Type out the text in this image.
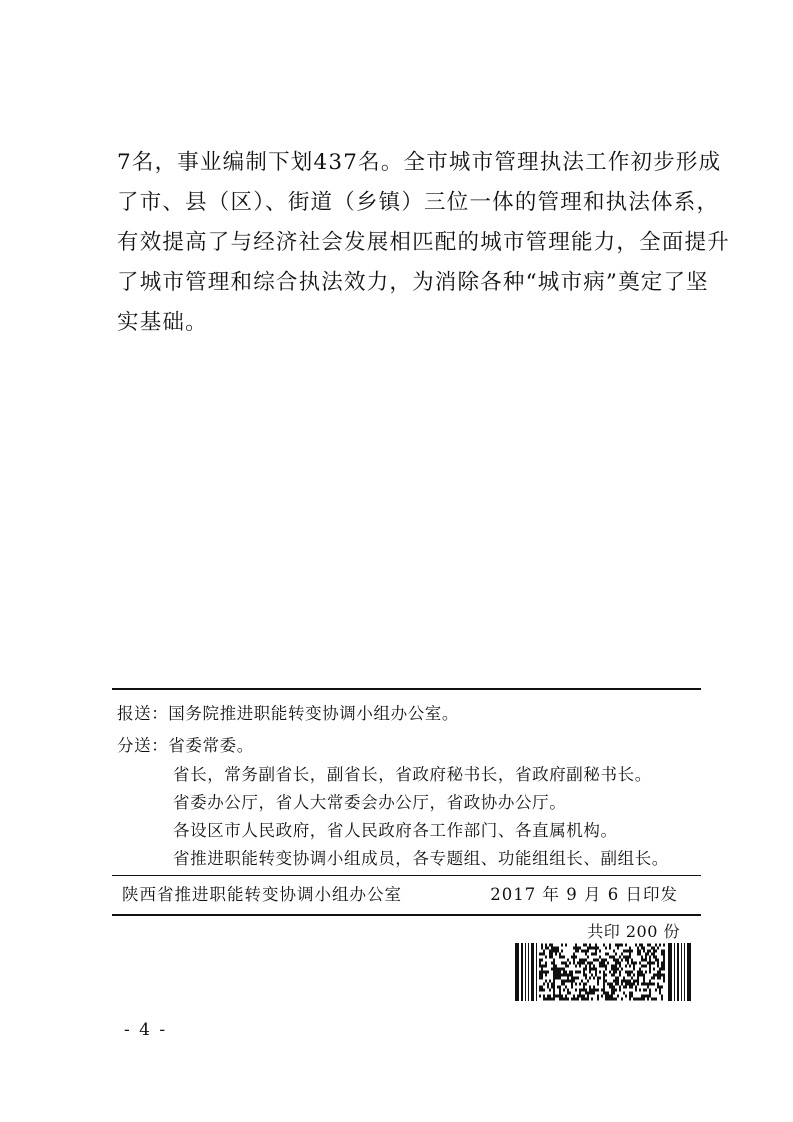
7名，事业编制下划437名。全市城市管理执法工作初步形成
了市、县（区）、街道（乡镇）三位一体的管理和执法体系，
有效提高了与经济社会发展相匹配的城市管理能力，全面提升
了城市管理和综合执法效力，为消除各种“城市病”奠定了坚
实基础。
报送：国务院推进职能转变协调小组办公室。
分送：省委常委。
省长，常务副省长，副省长，省政府秘书长，省政府副秘书长。
省委办公厅，省人大常委会办公厅，省政协办公厅。
各设区市人民政府，省人民政府各工作部门、各直属机构。
省推进职能转变协调小组成员，各专题组、功能组组长、副组长。
陕西省推进职能转变协调小组办公室	2017 年 9 月 6 日印发
共印 200 份
- 4 -
